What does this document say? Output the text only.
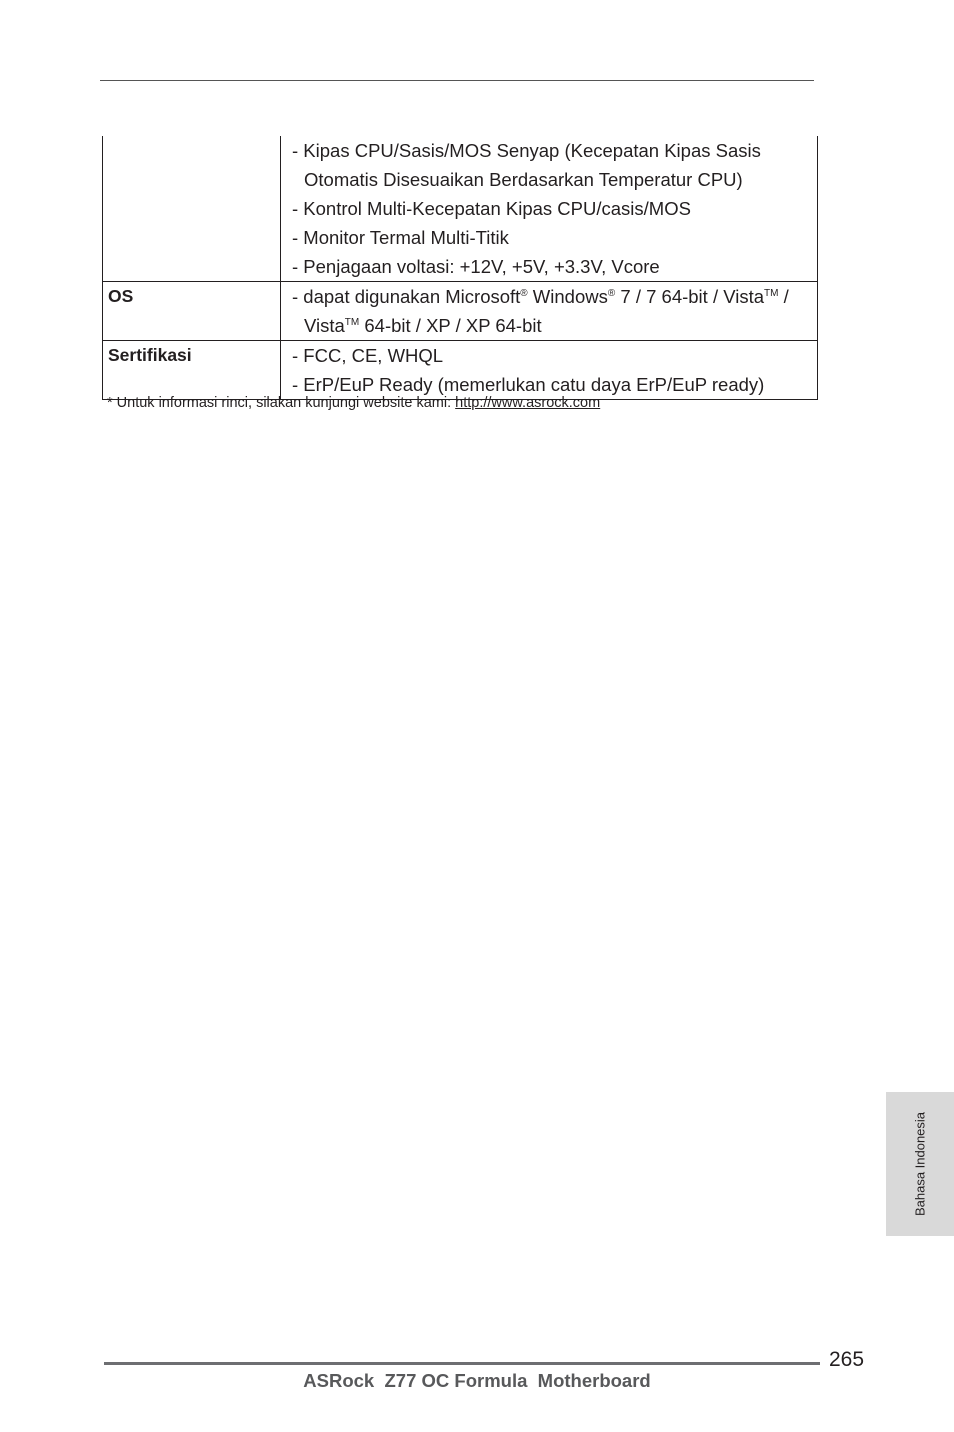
	- Kipas CPU/Sasis/MOS Senyap (Kecepatan Kipas Sasis
Otomatis Disesuaikan Berdasarkan Temperatur CPU)
- Kontrol Multi-Kecepatan Kipas CPU/casis/MOS
- Monitor Termal Multi-Titik
- Penjagaan voltasi: +12V, +5V, +3.3V, Vcore

OS	- dapat digunakan Microsoft® Windows® 7 / 7 64-bit / Vista™ /
Vista™ 64-bit / XP / XP 64-bit

Sertifikasi	- FCC, CE, WHQL
- ErP/EuP Ready (memerlukan catu daya ErP/EuP ready)
* Untuk informasi rinci, silakan kunjungi website kami: http://www.asrock.com
Bahasa Indonesia
265
ASRock  Z77 OC Formula  Motherboard
